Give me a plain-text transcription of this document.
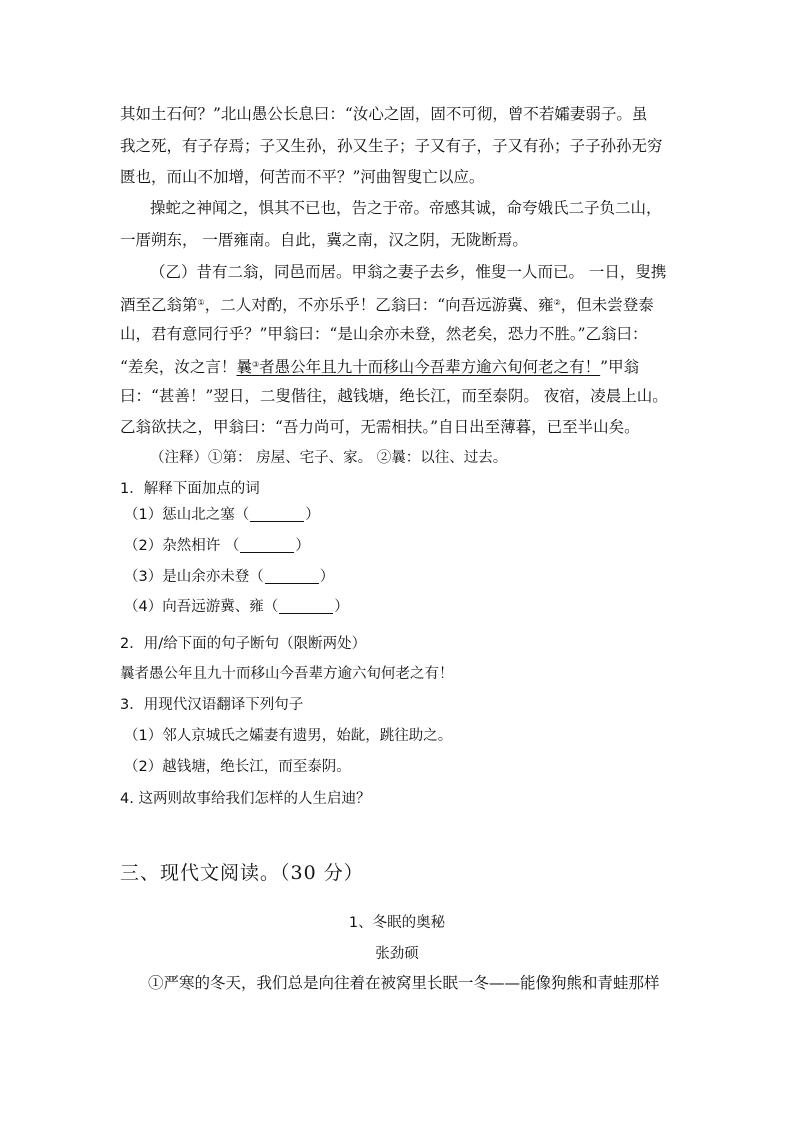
其如土石何？”北山愚公长息曰：“汝心之固，固不可彻，曾不若孀妻弱子。虽
我之死，有子存焉；子又生孙，孙又生子；子又有子，子又有孙；子子孙孙无穷
匮也，而山不加增，何苦而不平？”河曲智叟亡以应。
操蛇之神闻之，惧其不已也，告之于帝。帝感其诚，命夸娥氏二子负二山，
一厝朔东， 一厝雍南。自此，冀之南，汉之阴，无陇断焉。
（乙）昔有二翁，同邑而居。甲翁之妻子去乡，惟叟一人而已。 一日，叟携
酒至乙翁第①，二人对酌，不亦乐乎！乙翁曰：“向吾远游冀、雍②，但未尝登泰
山，君有意同行乎？”甲翁曰：“是山余亦未登，然老矣，恐力不胜。”乙翁曰：
“差矣，汝之言！曩③者愚公年且九十而移山今吾辈方逾六旬何老之有！”甲翁
曰：“甚善！”翌日，二叟偕往，越钱塘，绝长江，而至泰阴。 夜宿，凌晨上山。
乙翁欲扶之，甲翁曰：“吾力尚可，无需相扶。”自日出至薄暮，已至半山矣。
（注释）①第： 房屋、宅子、家。 ②曩：以往、过去。
1．解释下面加点的词
（1）惩山北之塞（	）
（2）杂然相许 （	）
（3）是山余亦未登（	）
（4）向吾远游冀、雍（	）
2．用/给下面的句子断句（限断两处）
曩者愚公年且九十而移山今吾辈方逾六旬何老之有！
3．用现代汉语翻译下列句子
（1）邻人京城氏之孀妻有遗男，始龀，跳往助之。
（2）越钱塘，绝长江，而至泰阴。
4. 这两则故事给我们怎样的人生启迪？
三、现代文阅读。（30 分）
1、冬眠的奥秘
张劲硕
①严寒的冬天，我们总是向往着在被窝里长眠一冬——能像狗熊和青蛙那样
